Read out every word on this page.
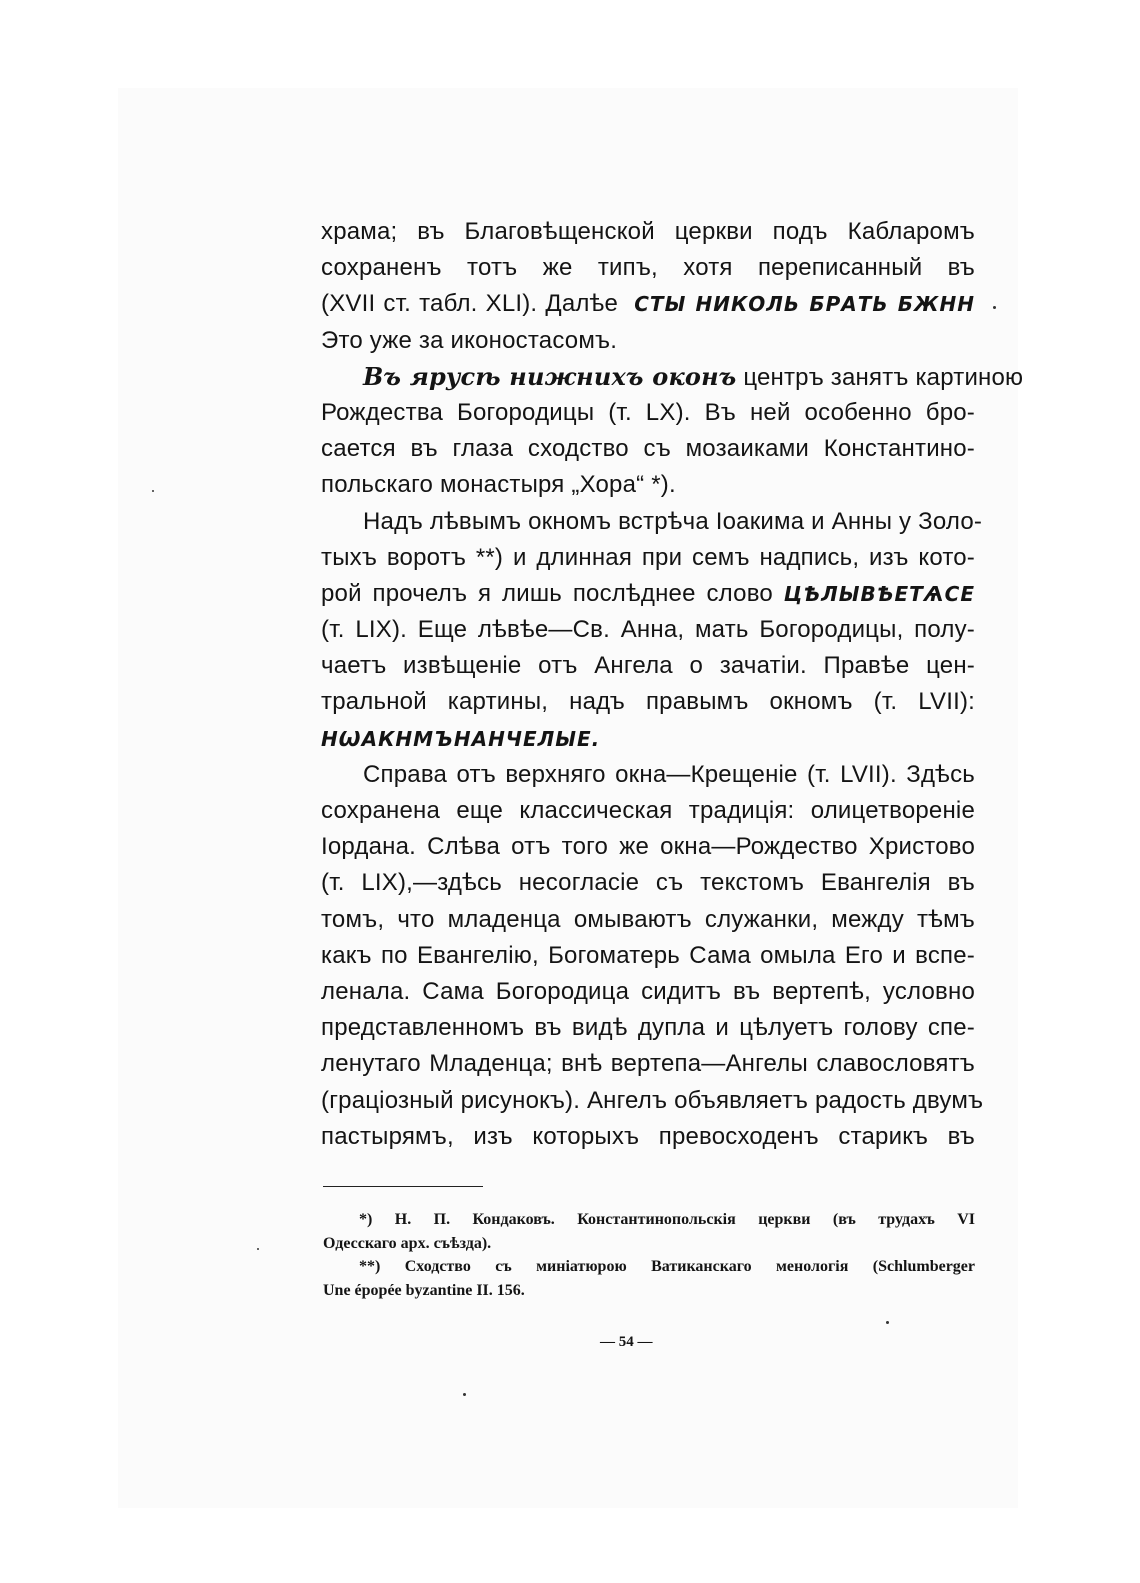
храма; въ Благовѣщенской церкви подъ Кабларомъ
сохраненъ тотъ же типъ, хотя переписанный въ
(XVII ст. табл. XLI). Далѣе СТЫ НИКОЛЬ БРАТЬ БЖНН
Это уже за иконостасомъ.
Въ ярусѣ нижнихъ оконъ центръ занятъ картиною
Рождества Богородицы (т. LX). Въ ней особенно бро-
сается въ глаза сходство съ мозаиками Константино-
польскаго монастыря „Хора“ *).
Надъ лѣвымъ окномъ встрѣча Іоакима и Анны у Золо-
тыхъ воротъ **) и длинная при семъ надпись, изъ кото-
рой прочелъ я лишь послѣднее слово ЦѢЛЫВѢЕТѦСЕ
(т. LIX). Еще лѣвѣе—Св. Анна, мать Богородицы, полу-
чаетъ извѣщеніе отъ Ангела о зачатіи. Правѣе цен-
тральной картины, надъ правымъ окномъ (т. LVII):
НѠАКНМЪНАНЧЕЛЫЕ.
Справа отъ верхняго окна—Крещеніе (т. LVII). Здѣсь
сохранена еще классическая традиція: олицетвореніе
Іордана. Слѣва отъ того же окна—Рождество Христово
(т. LIX),—здѣсь несогласіе съ текстомъ Евангелія въ
томъ, что младенца омываютъ служанки, между тѣмъ
какъ по Евангелію, Богоматерь Сама омыла Его и вспе-
ленала. Сама Богородица сидитъ въ вертепѣ, условно
представленномъ въ видѣ дупла и цѣлуетъ голову спе-
ленутаго Младенца; внѣ вертепа—Ангелы славословятъ
(граціозный рисунокъ). Ангелъ объявляетъ радость двумъ
пастырямъ, изъ которыхъ превосходенъ старикъ въ
*) Н. П. Кондаковъ. Константинопольскія церкви (въ трудахъ VI
Одесскаго арх. съѣзда).
**) Сходство съ миніатюрою Ватиканскаго менологія (Schlumberger
Une épopée byzantine II. 156.
— 54 —
